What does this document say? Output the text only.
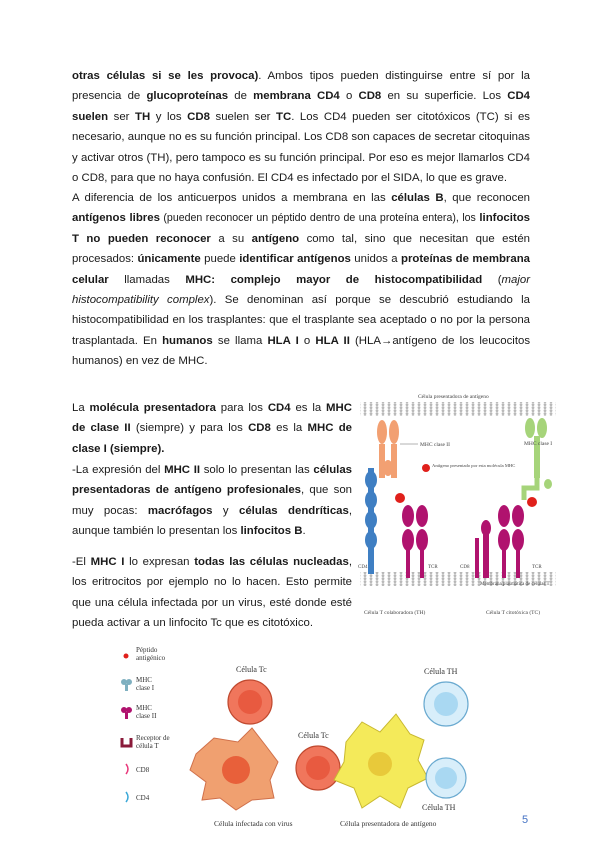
otras células si se les provoca). Ambos tipos pueden distinguirse entre sí por la presencia de glucoproteínas de membrana CD4 o CD8 en su superficie. Los CD4 suelen ser TH y los CD8 suelen ser TC. Los CD4 pueden ser citotóxicos (TC) si es necesario, aunque no es su función principal. Los CD8 son capaces de secretar citoquinas y activar otros (TH), pero tampoco es su función principal. Por eso es mejor llamarlos CD4 o CD8, para que no haya confusión. El CD4 es infectado por el SIDA, lo que es grave.

A diferencia de los anticuerpos unidos a membrana en las células B, que reconocen antígenos libres (pueden reconocer un péptido dentro de una proteína entera), los linfocitos T no pueden reconocer a su antígeno como tal, sino que necesitan que estén procesados: únicamente puede identificar antígenos unidos a proteínas de membrana celular llamadas MHC: complejo mayor de histocompatibilidad (major histocompatibility complex). Se denominan así porque se descubrió estudiando la histocompatibilidad en los trasplantes: que el trasplante sea aceptado o no por la persona trasplantada. En humanos se llama HLA I o HLA II (HLA→antígeno de los leucocitos humanos) en vez de MHC.

La molécula presentadora para los CD4 es la MHC de clase II (siempre) y para los CD8 es la MHC de clase I (siempre).

-La expresión del MHC II solo lo presentan las células presentadoras de antígeno profesionales, que son muy pocas: macrófagos y células dendríticas, aunque también lo presentan los linfocitos B.

-El MHC I lo expresan todas las células nucleadas, los eritrocitos por ejemplo no lo hacen. Esto permite que una célula infectada por un virus, esté donde esté pueda activar a un linfocito Tc que es citotóxico.

Célula presentadora de antígeno
Membrana plasmática de células T
MHC clase II
Antígeno presentado por esta molécula MHC
CD4	TCR
MHC clase I
TCR
CD8
Célula T colaboradora (TH)	Célula T citotóxica (TC)
Péptido antigénico
MHC clase I
MHC clase II
Receptor de célula T
CD8
CD4
Célula Tc
Célula Tc
Célula TH
Célula TH
Célula infectada con virus	Célula presentadora de antígeno	5
